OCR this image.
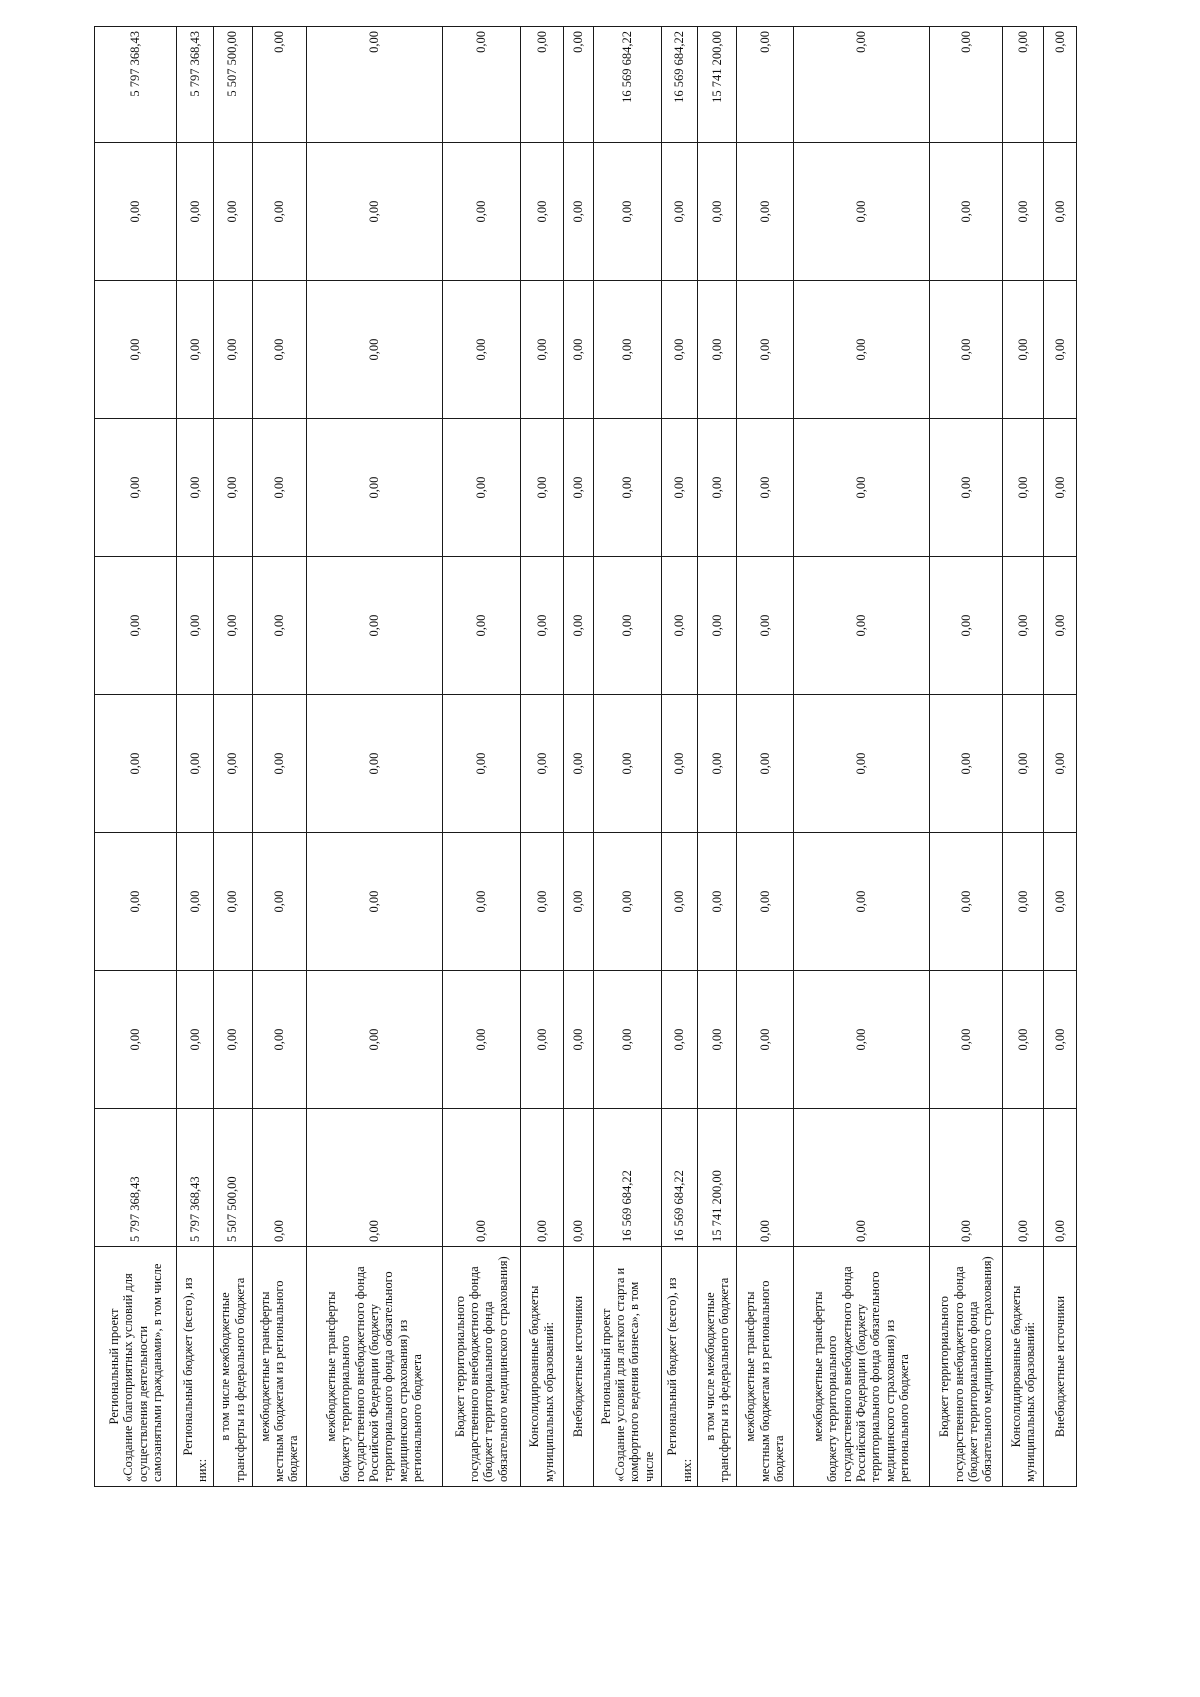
Региональный проект «Создание благоприятных условий для осуществления деятельности самозанятыми гражданами», в том числе	5 797 368,43	0,00	0,00	0,00	0,00	0,00	0,00	0,00	5 797 368,43

Региональный бюджет (всего), из
них:	5 797 368,43	0,00	0,00	0,00	0,00	0,00	0,00	0,00	5 797 368,43

в том числе межбюджетные трансферты из федерального бюджета	5 507 500,00	0,00	0,00	0,00	0,00	0,00	0,00	0,00	5 507 500,00

межбюджетные трансферты местным бюджетам из регионального бюджета	0,00	0,00	0,00	0,00	0,00	0,00	0,00	0,00	0,00

межбюджетные трансферты бюджету территориального государственного внебюджетного фонда Российской Федерации (бюджету территориального фонда обязательного медицинского страхования) из регионального бюджета	0,00	0,00	0,00	0,00	0,00	0,00	0,00	0,00	0,00

Бюджет территориального государственного внебюджетного фонда (бюджет территориального фонда обязательного медицинского страхования)	0,00	0,00	0,00	0,00	0,00	0,00	0,00	0,00	0,00

Консолидированные бюджеты муниципальных образований:	0,00	0,00	0,00	0,00	0,00	0,00	0,00	0,00	0,00

Внебюджетные источники	0,00	0,00	0,00	0,00	0,00	0,00	0,00	0,00	0,00

Региональный проект «Создание условий для легкого старта и комфортного ведения бизнеса», в том числе	16 569 684,22	0,00	0,00	0,00	0,00	0,00	0,00	0,00	16 569 684,22

Региональный бюджет (всего), из
них:	16 569 684,22	0,00	0,00	0,00	0,00	0,00	0,00	0,00	16 569 684,22

в том числе межбюджетные трансферты из федерального бюджета	15 741 200,00	0,00	0,00	0,00	0,00	0,00	0,00	0,00	15 741 200,00

межбюджетные трансферты местным бюджетам из регионального бюджета	0,00	0,00	0,00	0,00	0,00	0,00	0,00	0,00	0,00

межбюджетные трансферты бюджету территориального государственного внебюджетного фонда Российской Федерации (бюджету территориального фонда обязательного медицинского страхования) из регионального бюджета	0,00	0,00	0,00	0,00	0,00	0,00	0,00	0,00	0,00

Бюджет территориального государственного внебюджетного фонда (бюджет территориального фонда обязательного медицинского страхования)	0,00	0,00	0,00	0,00	0,00	0,00	0,00	0,00	0,00

Консолидированные бюджеты муниципальных образований:	0,00	0,00	0,00	0,00	0,00	0,00	0,00	0,00	0,00

Внебюджетные источники	0,00	0,00	0,00	0,00	0,00	0,00	0,00	0,00	0,00
